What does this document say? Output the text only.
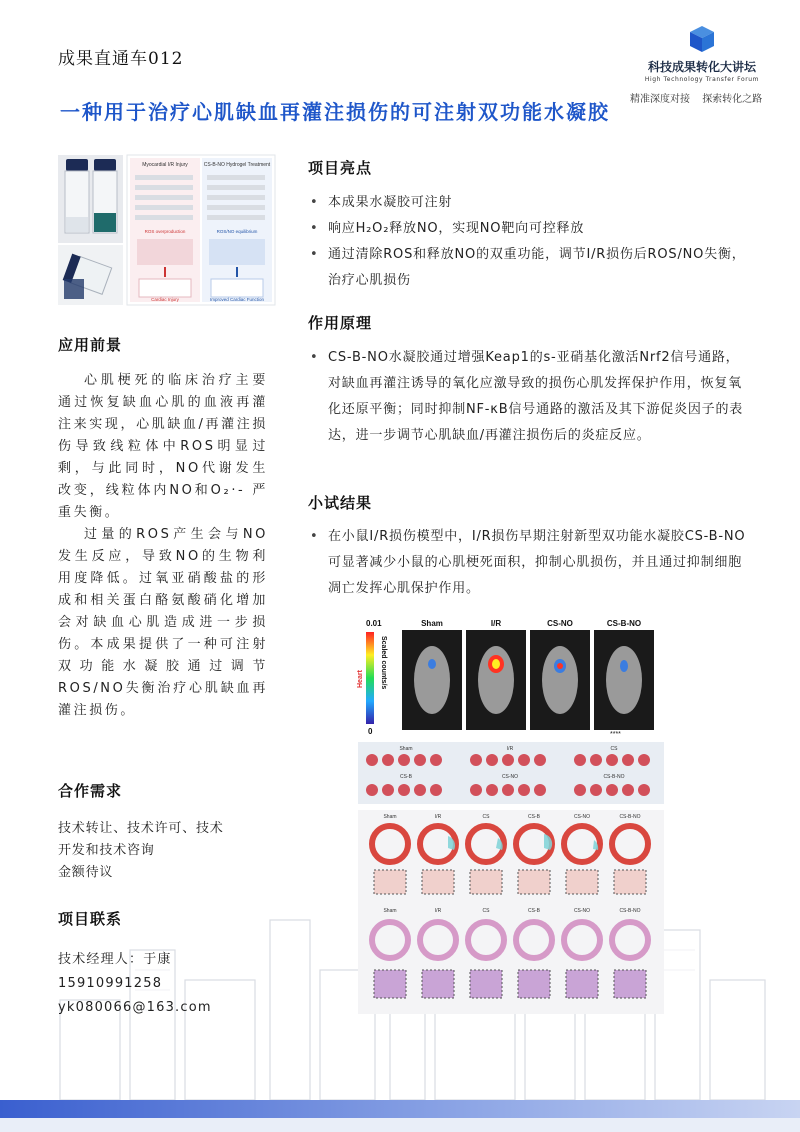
成果直通车012	科技成果转化大讲坛
High Technology Transfer Forum
精准深度对接 探索转化之路
一种用于治疗心肌缺血再灌注损伤的可注射双功能水凝胶
Myocardial I/R Injury	CS-B-NO Hydrogel Treatment
ROS overproduction	ROS/NO equilibrium
Cardiac Injury	Improved Cardiac Function
应用前景

心肌梗死的临床治疗主要通过恢复缺血心肌的血液再灌注来实现，心肌缺血/再灌注损伤导致线粒体中ROS明显过剩，与此同时，NO代谢发生改变，线粒体内NO和O₂·- 严重失衡。

过量的ROS产生会与NO发生反应，导致NO的生物利用度降低。过氧亚硝酸盐的形成和相关蛋白酪氨酸硝化增加会对缺血心肌造成进一步损伤。本成果提供了一种可注射双功能水凝胶通过调节ROS/NO失衡治疗心肌缺血再灌注损伤。

合作需求
技术转让、技术许可、技术
开发和技术咨询
金额待议
项目联系
技术经理人：于康
15910991258
yk080066@163.com
项目亮点
• 本成果水凝胶可注射
• 响应H₂O₂释放NO，实现NO靶向可控释放
• 通过清除ROS和释放NO的双重功能，调节I/R损伤后ROS/NO失衡，治疗心肌损伤
作用原理
• CS-B-NO水凝胶通过增强Keap1的s-亚硝基化激活Nrf2信号通路，对缺血再灌注诱导的氧化应激导致的损伤心肌发挥保护作用，恢复氧化还原平衡；同时抑制NF-κB信号通路的激活及其下游促炎因子的表达，进一步调节心肌缺血/再灌注损伤后的炎症反应。
小试结果
• 在小鼠I/R损伤模型中，I/R损伤早期注射新型双功能水凝胶CS-B-NO可显著减少小鼠的心肌梗死面积，抑制心肌损伤，并且通过抑制细胞凋亡发挥心肌保护作用。
0.01
0
Scaled counts/s
Heart
Sham	I/R	CS-NO	CS-B-NO
****
Sham	I/R	CS
CS-B	CS-NO	CS-B-NO
Sham	I/R	CS	CS-B	CS-NO	CS-B-NO
Sham	I/R	CS	CS-B	CS-NO	CS-B-NO
